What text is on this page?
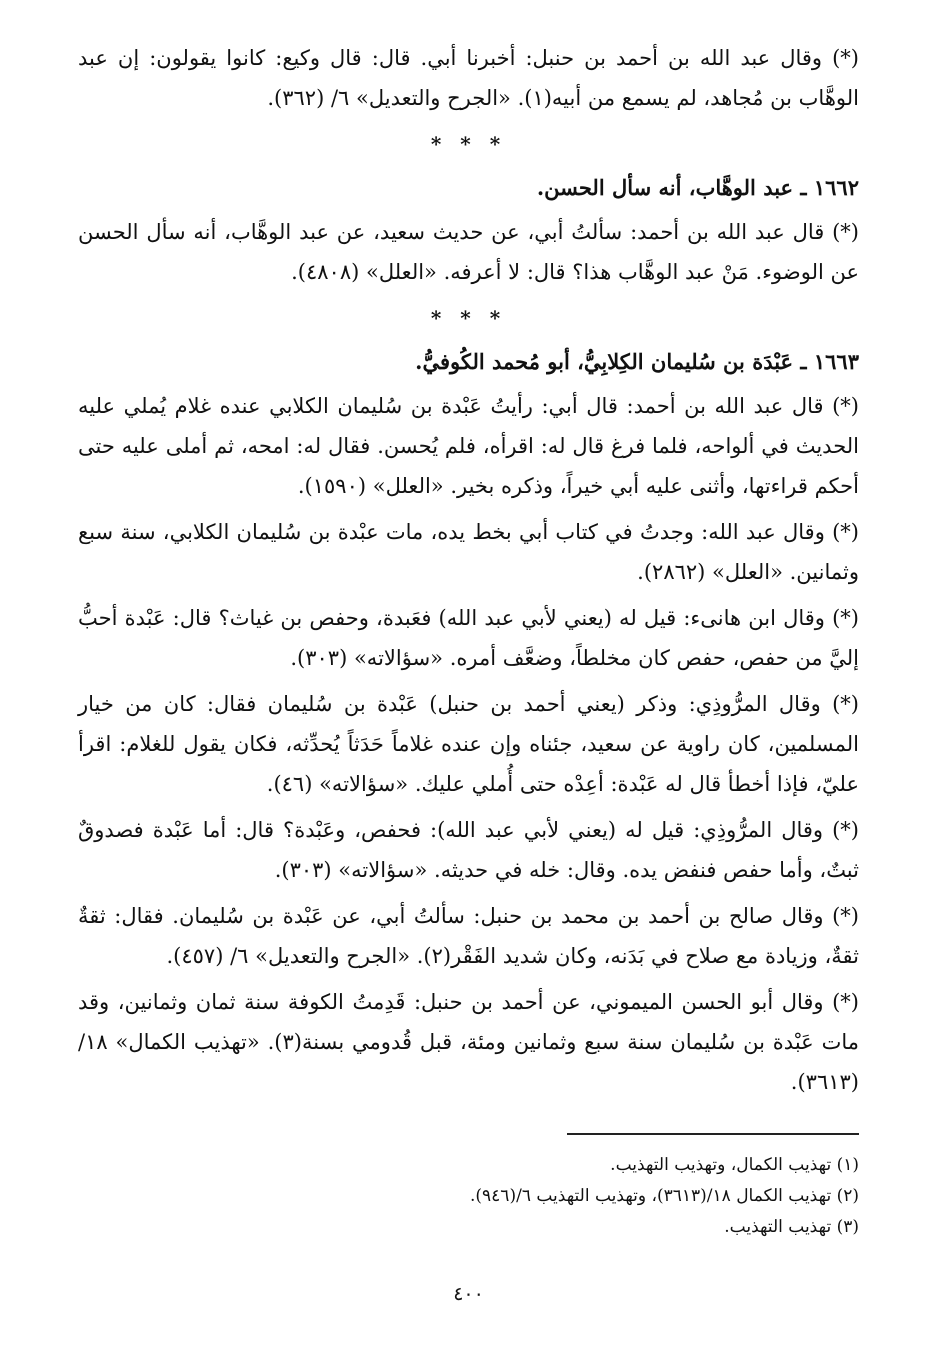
(*) وقال عبد الله بن أحمد بن حنبل: أخبرنا أبي. قال: قال وكيع: كانوا يقولون: إن عبد الوهَّاب بن مُجاهد، لم يسمع من أبيه(١). «الجرح والتعديل» ٦/ (٣٦٢).

* * *
١٦٦٢ ـ عبد الوهَّاب، أنه سأل الحسن.

(*) قال عبد الله بن أحمد: سألتُ أبي، عن حديث سعيد، عن عبد الوهَّاب، أنه سأل الحسن عن الوضوء. مَنْ عبد الوهَّاب هذا؟ قال: لا أعرفه. «العلل» (٤٨٠٨).

* * *
١٦٦٣ ـ عَبْدَة بن سُليمان الكِلابِيُّ، أبو مُحمد الكُوفيُّ.

(*) قال عبد الله بن أحمد: قال أبي: رأيتُ عَبْدة بن سُليمان الكلابي عنده غلام يُملي عليه الحديث في ألواحه، فلما فرغ قال له: اقرأه، فلم يُحسن. فقال له: امحه، ثم أملى عليه حتى أحكم قراءتها، وأثنى عليه أبي خيراً، وذكره بخير. «العلل» (١٥٩٠).

(*) وقال عبد الله: وجدتُ في كتاب أبي بخط يده، مات عبْدة بن سُليمان الكلابي، سنة سبع وثمانين. «العلل» (٢٨٦٢).

(*) وقال ابن هانىء: قيل له (يعني لأبي عبد الله) فعَبدة، وحفص بن غياث؟ قال: عَبْدة أحبُّ إليَّ من حفص، حفص كان مخلطاً، وضعَّف أمره. «سؤالاته» (٣٠٣).

(*) وقال المرُّوذِي: وذكر (يعني أحمد بن حنبل) عَبْدة بن سُليمان فقال: كان من خيار المسلمين، كان راوية عن سعيد، جئناه وإن عنده غلاماً حَدَثاً يُحدِّثه، فكان يقول للغلام: اقرأ عليّ، فإذا أخطأ قال له عَبْدة: أعِدْه حتى أُملي عليك. «سؤالاته» (٤٦).

(*) وقال المرُّوذِي: قيل له (يعني لأبي عبد الله): فحفص، وعَبْدة؟ قال: أما عَبْدة فصدوقٌ ثبتٌ، وأما حفص فنفض يده. وقال: خله في حديثه. «سؤالاته» (٣٠٣).

(*) وقال صالح بن أحمد بن محمد بن حنبل: سألتُ أبي، عن عَبْدة بن سُليمان. فقال: ثقةٌ ثقةٌ، وزيادة مع صلاح في بَدَنه، وكان شديد الفَقْر(٢). «الجرح والتعديل» ٦/ (٤٥٧).

(*) وقال أبو الحسن الميموني، عن أحمد بن حنبل: قَدِمتُ الكوفة سنة ثمان وثمانين، وقد مات عَبْدة بن سُليمان سنة سبع وثمانين ومئة، قبل قُدومي بسنة(٣). «تهذيب الكمال» ١٨/ (٣٦١٣).

(١) تهذيب الكمال، وتهذيب التهذيب.

(٢) تهذيب الكمال ١٨/(٣٦١٣)، وتهذيب التهذيب ٦/(٩٤٦).

(٣) تهذيب التهذيب.

٤٠٠
